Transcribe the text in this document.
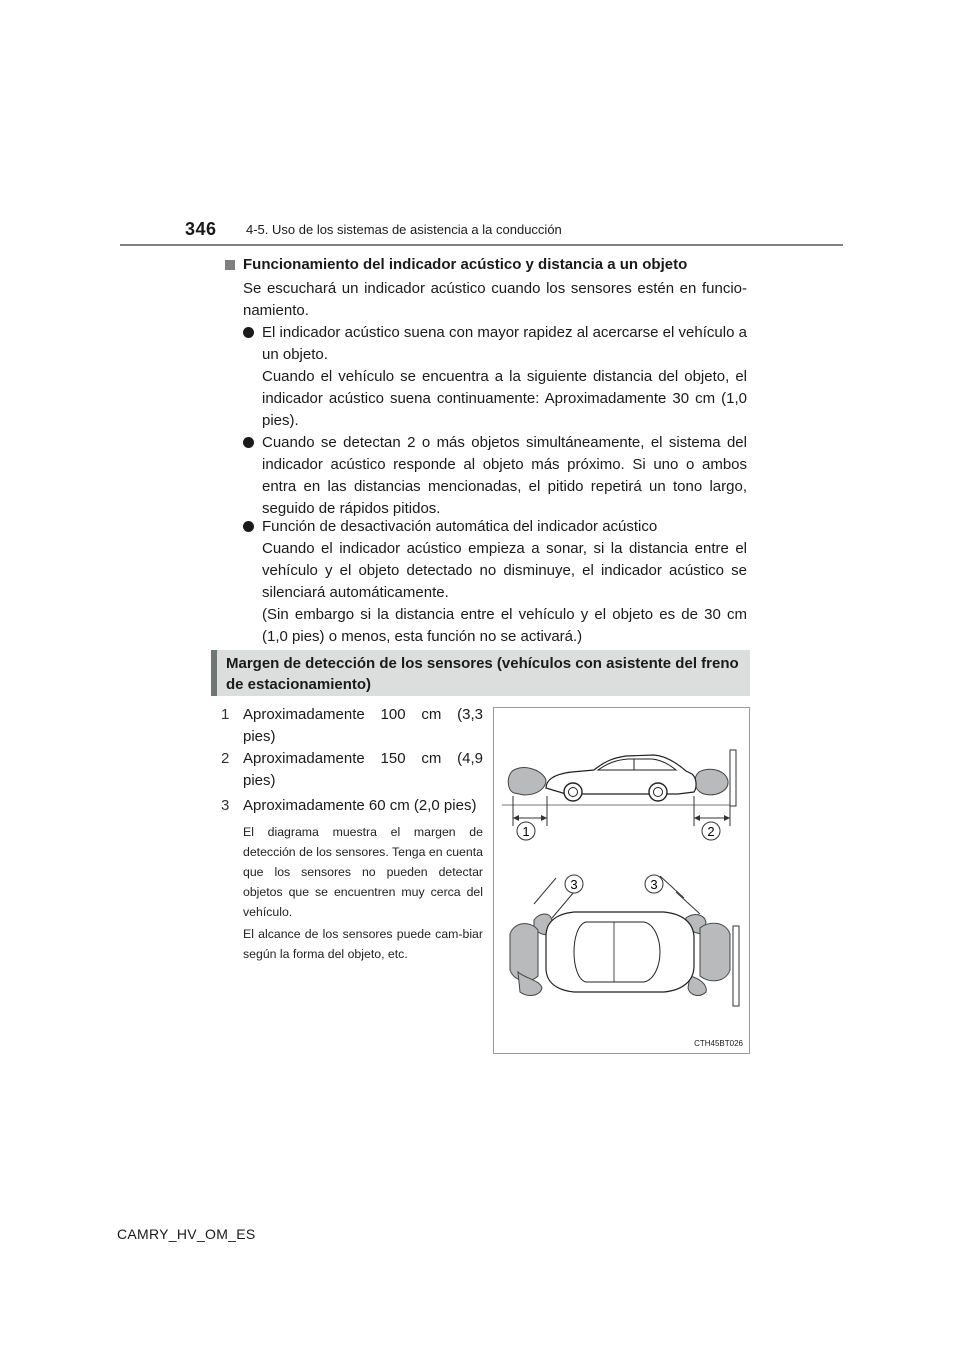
346 4-5. Uso de los sistemas de asistencia a la conducción
Funcionamiento del indicador acústico y distancia a un objeto
Se escuchará un indicador acústico cuando los sensores estén en funcio-namiento.
El indicador acústico suena con mayor rapidez al acercarse el vehículo a un objeto.
Cuando el vehículo se encuentra a la siguiente distancia del objeto, el indicador acústico suena continuamente: Aproximadamente 30 cm (1,0 pies).
Cuando se detectan 2 o más objetos simultáneamente, el sistema del indicador acústico responde al objeto más próximo. Si uno o ambos entra en las distancias mencionadas, el pitido repetirá un tono largo, seguido de rápidos pitidos.
Función de desactivación automática del indicador acústico
Cuando el indicador acústico empieza a sonar, si la distancia entre el vehículo y el objeto detectado no disminuye, el indicador acústico se silenciará automáticamente.
(Sin embargo si la distancia entre el vehículo y el objeto es de 30 cm (1,0 pies) o menos, esta función no se activará.)
Margen de detección de los sensores (vehículos con asistente del freno de estacionamiento)
1 Aproximadamente 100 cm (3,3 pies)
2 Aproximadamente 150 cm (4,9 pies)
3 Aproximadamente 60 cm (2,0 pies)
El diagrama muestra el margen de detección de los sensores. Tenga en cuenta que los sensores no pueden detectar objetos que se encuentren muy cerca del vehículo.
El alcance de los sensores puede cam-biar según la forma del objeto, etc.
1	2
3	3
CTH45BT026
CAMRY_HV_OM_ES
